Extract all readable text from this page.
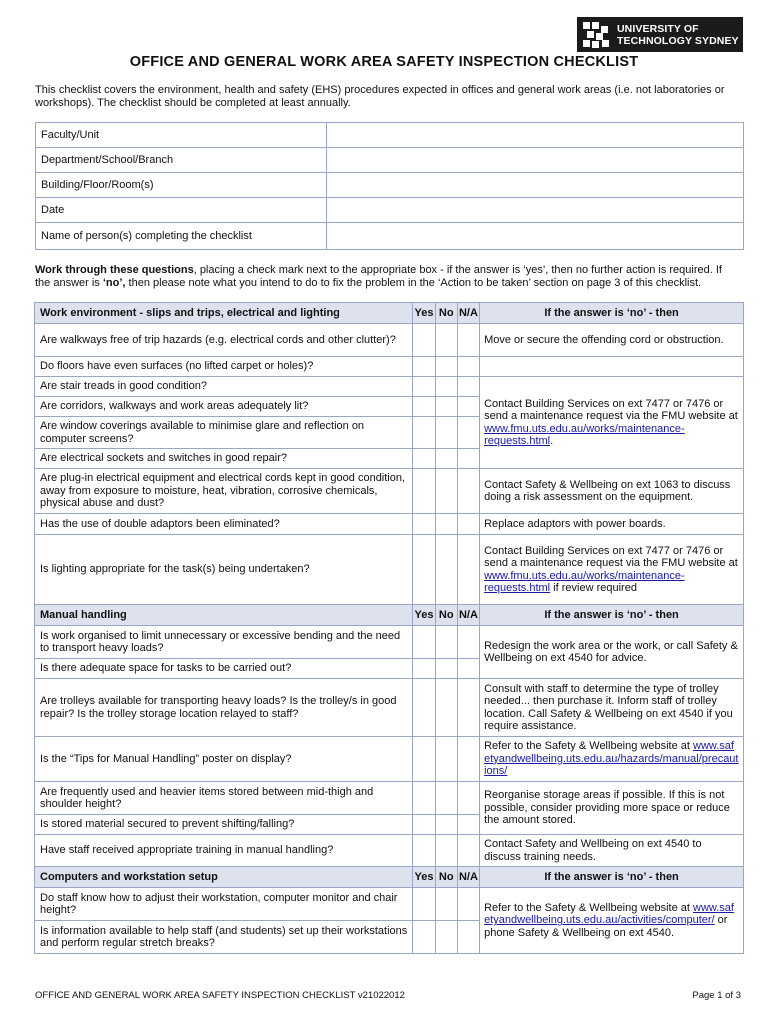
UNIVERSITY OF
TECHNOLOGY SYDNEY
OFFICE AND GENERAL WORK AREA SAFETY INSPECTION CHECKLIST

This checklist covers the environment, health and safety (EHS) procedures expected in offices and general work areas (i.e. not laboratories or workshops). The checklist should be completed at least annually.

Faculty/Unit	
Department/School/Branch	
Building/Floor/Room(s)	
Date	
Name of person(s) completing the checklist	

Work through these questions, placing a check mark next to the appropriate box - if the answer is ‘yes’, then no further action is required. If the answer is ‘no’, then please note what you intend to do to fix the problem in the ‘Action to be taken’ section on page 3 of this checklist.

Work environment - slips and trips, electrical and lighting	Yes	No	N/A	If the answer is ‘no’ - then
Are walkways free of trip hazards (e.g. electrical cords and other clutter)?				Move or secure the offending cord or obstruction.
Do floors have even surfaces (no lifted carpet or holes)?				
Are stair treads in good condition?				Contact Building Services on ext 7477 or 7476 or send a maintenance request via the FMU website at www.fmu.uts.edu.au/works/maintenance-requests.html.
Are corridors, walkways and work areas adequately lit?				
Are window coverings available to minimise glare and reflection on computer screens?				
Are electrical sockets and switches in good repair?				
Are plug-in electrical equipment and electrical cords kept in good condition, away from exposure to moisture, heat, vibration, corrosive chemicals, physical abuse and dust?				Contact Safety & Wellbeing on ext 1063 to discuss doing a risk assessment on the equipment.
Has the use of double adaptors been eliminated?				Replace adaptors with power boards.
Is lighting appropriate for the task(s) being undertaken?				Contact Building Services on ext 7477 or 7476 or send a maintenance request via the FMU website at www.fmu.uts.edu.au/works/maintenance-requests.html if review required
Manual handling	Yes	No	N/A	If the answer is ‘no’ - then
Is work organised to limit unnecessary or excessive bending and the need to transport heavy loads?				Redesign the work area or the work, or call Safety & Wellbeing on ext 4540 for advice.
Is there adequate space for tasks to be carried out?				
Are trolleys available for transporting heavy loads? Is the trolley/s in good repair? Is the trolley storage location relayed to staff?				Consult with staff to determine the type of trolley needed... then purchase it. Inform staff of trolley location. Call Safety & Wellbeing on ext 4540 if you require assistance.
Is the “Tips for Manual Handling” poster on display?				Refer to the Safety & Wellbeing website at www.safetyandwellbeing.uts.edu.au/hazards/manual/precautions/
Are frequently used and heavier items stored between mid-thigh and shoulder height?				Reorganise storage areas if possible. If this is not possible, consider providing more space or reduce the amount stored.
Is stored material secured to prevent shifting/falling?				
Have staff received appropriate training in manual handling?				Contact Safety and Wellbeing on ext 4540 to discuss training needs.
Computers and workstation setup	Yes	No	N/A	If the answer is ‘no’ - then
Do staff know how to adjust their workstation, computer monitor and chair height?				Refer to the Safety & Wellbeing website at www.safetyandwellbeing.uts.edu.au/activities/computer/ or phone Safety & Wellbeing on ext 4540.
Is information available to help staff (and students) set up their workstations and perform regular stretch breaks?				
OFFICE AND GENERAL WORK AREA SAFETY INSPECTION CHECKLIST v21022012	Page 1 of 3
